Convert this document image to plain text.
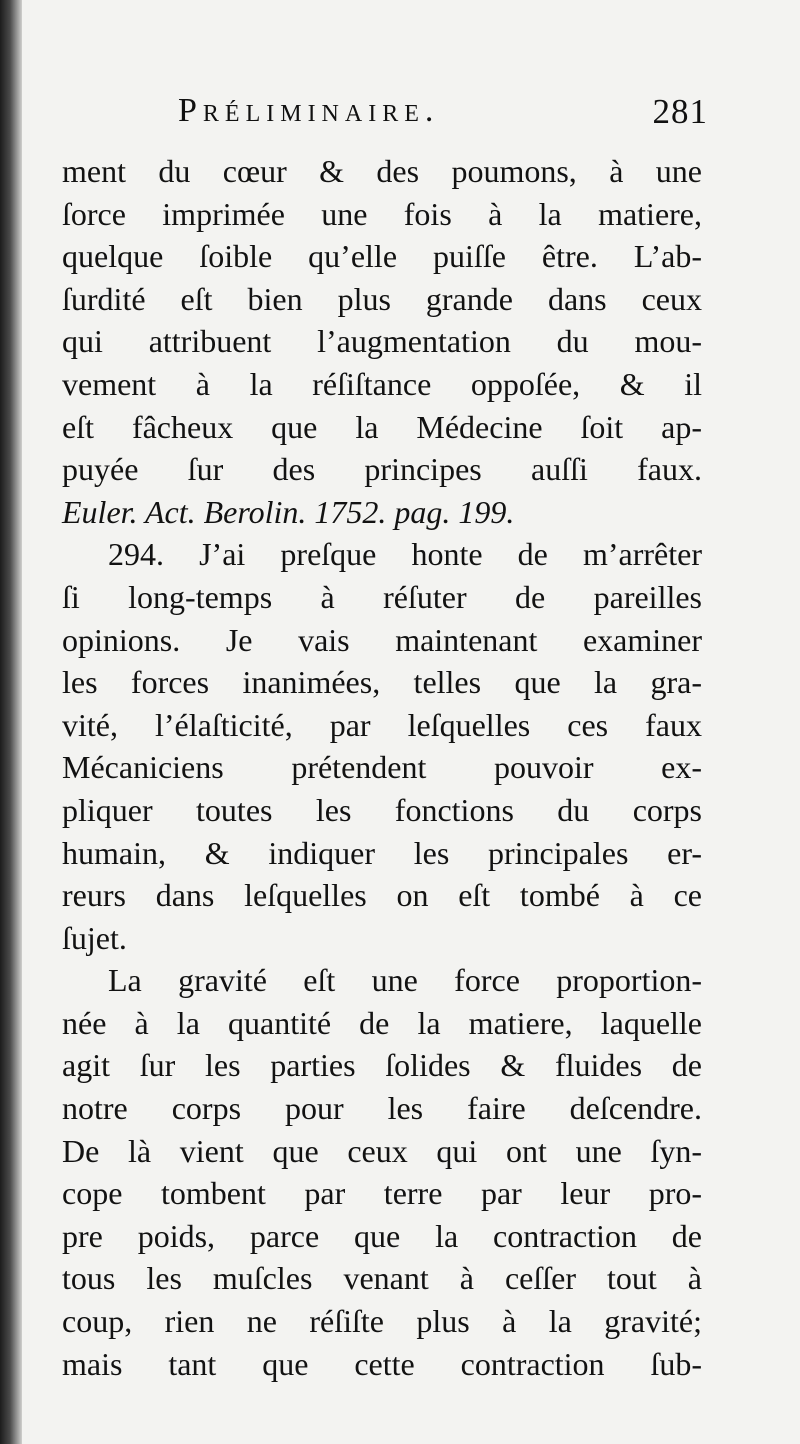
Préliminaire.	281
ment du cœur & des poumons, à une
ſorce imprimée une fois à la matiere,
quelque ſoible qu’elle puiſſe être. L’ab-
ſurdité eſt bien plus grande dans ceux
qui attribuent l’augmentation du mou-
vement à la réſiſtance oppoſée, & il
eſt fâcheux que la Médecine ſoit ap-
puyée ſur des principes auſſi faux.
Euler. Act. Berolin. 1752. pag. 199.
294. J’ai preſque honte de m’arrêter
ſi long-temps à réſuter de pareilles
opinions. Je vais maintenant examiner
les forces inanimées, telles que la gra-
vité, l’élaſticité, par leſquelles ces faux
Mécaniciens prétendent pouvoir ex-
pliquer toutes les fonctions du corps
humain, & indiquer les principales er-
reurs dans leſquelles on eſt tombé à ce
ſujet.
La gravité eſt une force proportion-
née à la quantité de la matiere, laquelle
agit ſur les parties ſolides & fluides de
notre corps pour les faire deſcendre.
De là vient que ceux qui ont une ſyn-
cope tombent par terre par leur pro-
pre poids, parce que la contraction de
tous les muſcles venant à ceſſer tout à
coup, rien ne réſiſte plus à la gravité;
mais tant que cette contraction ſub-
